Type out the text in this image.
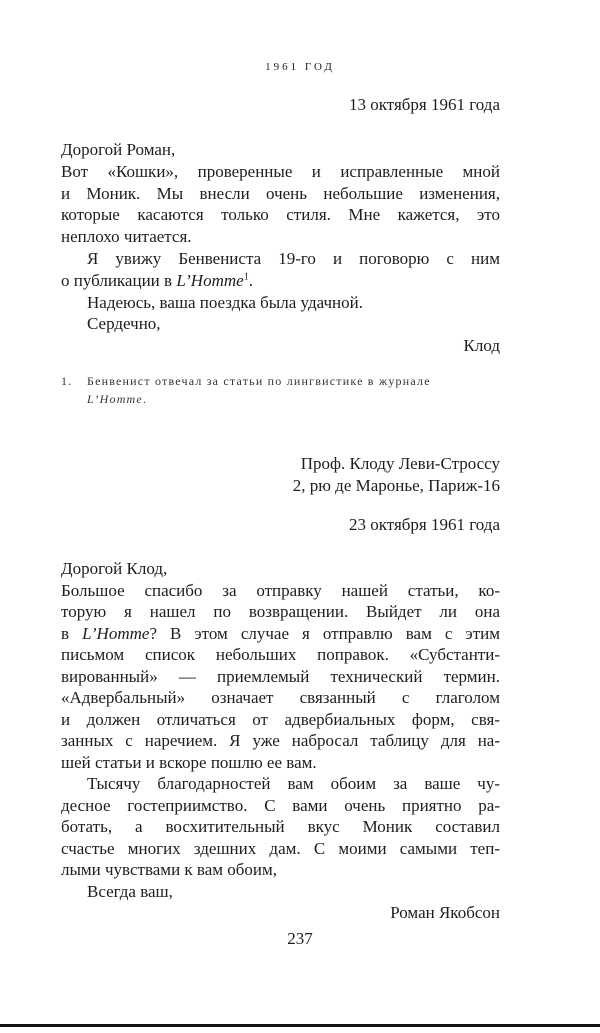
1961 ГОД
13 октября 1961 года
Дорогой Роман,
Вот «Кошки», проверенные и исправленные мной
и Моник. Мы внесли очень небольшие изменения,
которые касаются только стиля. Мне кажется, это
неплохо читается.
Я увижу Бенвениста 19-го и поговорю с ним
о публикации в L’Homme$^1$.
Надеюсь, ваша поездка была удачной.
Сердечно,
Клод
1. Бенвенист отвечал за статьи по лингвистике в журнале
L’Homme.
Проф. Клоду Леви-Строссу
2, рю де Маронье, Париж-16
23 октября 1961 года
Дорогой Клод,
Большое спасибо за отправку нашей статьи, ко-
торую я нашел по возвращении. Выйдет ли она
в L’Homme? В этом случае я отправлю вам с этим
письмом список небольших поправок. «Субстанти-
вированный» — приемлемый технический термин.
«Адвербальный» означает связанный с глаголом
и должен отличаться от адвербиальных форм, свя-
занных с наречием. Я уже набросал таблицу для на-
шей статьи и вскоре пошлю ее вам.
Тысячу благодарностей вам обоим за ваше чу-
десное гостеприимство. С вами очень приятно ра-
ботать, а восхитительный вкус Моник составил
счастье многих здешних дам. С моими самыми теп-
лыми чувствами к вам обоим,
Всегда ваш,
Роман Якобсон
237
